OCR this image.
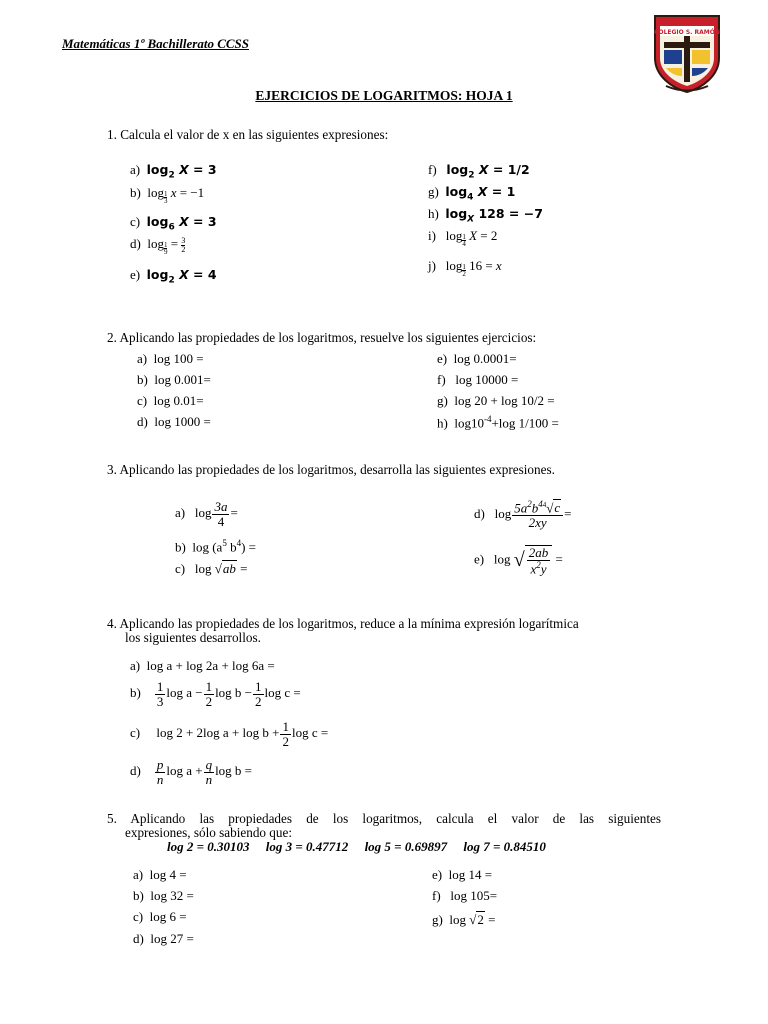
Matemáticas 1º Bachillerato CCSS
COLEGIO S. RAMÓN
EJERCICIOS DE LOGARITMOS: HOJA 1
1. Calcula el valor de x en las siguientes expresiones:
a) $\log_2 X = 3$
b)  $\log \frac{1}{3}$ x = −1
c) $\log_6 X = 3$
d)  $\log \frac{1}{9} = \frac{3}{2}$
e) $\log_2 X = 4$
f) $\log_2 X = 1/2$
g) $\log_4 X = 1$
h) $\log_X 128 = -7$
i)   $\log \frac{1}{4}$ X = 2
j)   $\log \frac{1}{2} 16 = x$
2. Aplicando las propiedades de los logaritmos, resuelve los siguientes ejercicios:
a) log 100 =
b) log 0.001=
c) log 0.01=
d) log 1000 =
e) log 0.0001=
f) log 10000 =
g) log 20 + log 10/2 =
h) $\log 10^{-4}+\log$ 1/100 =
3. Aplicando las propiedades de los logaritmos, desarrolla las siguientes expresiones.
a) $\log \frac{3a}{4}$ =
b) $\log (a^5$ $b^4$) =
c) log √ab =
d) $\log \frac{5a^2b^{44}√c}{2xy}$ =
e) log √ $\frac{2ab}{x^2y}$ =
4. Aplicando las propiedades de los logaritmos, reduce a la mínima expresión logarítmica
los siguientes desarrollos.
a) log a + log 2a + log 6a =
$b) \frac{1}{3}$ $\log a - \frac{1}{2}$ $\log b - \frac{1}{2}$ log c =
c) log 2 + 2log $a + \log b + \frac{1}{2}$ log c =
$d) \frac{p}{n}$ $\log a + \frac{q}{n}$ log b =
5. Aplicando las propiedades de los logaritmos, calcula el valor de las siguientes
expresiones, sólo sabiendo que:
log 2 = 0.30103 log 3 = 0.47712 log 5 = 0.69897 log 7 = 0.84510
a) log 4 =
b) log 32 =
c) log 6 =
d) log 27 =
e) log 14 =
f) log 105=
g) log √2 =
